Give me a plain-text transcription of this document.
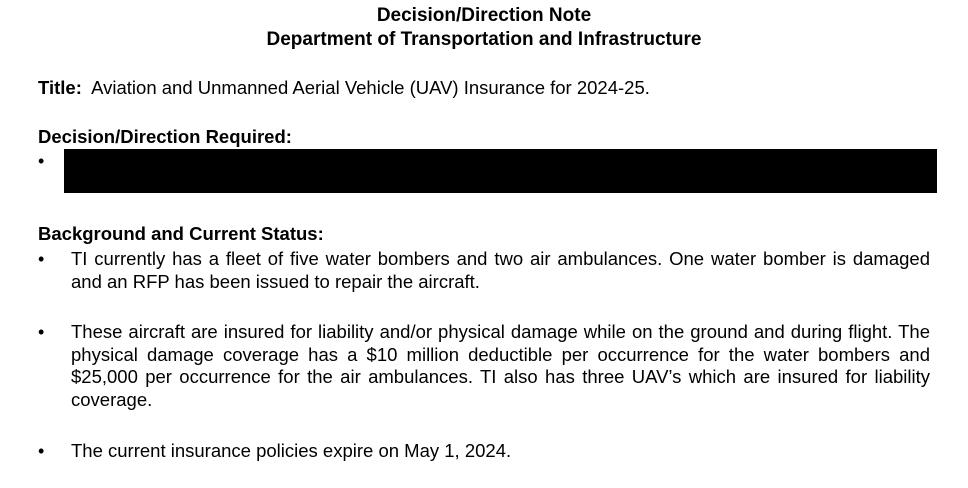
Decision/Direction Note
Department of Transportation and Infrastructure
Title: Aviation and Unmanned Aerial Vehicle (UAV) Insurance for 2024-25.
Decision/Direction Required:
•
Background and Current Status:
• TI currently has a fleet of five water bombers and two air ambulances. One water bomber is damaged and an RFP has been issued to repair the aircraft.
• These aircraft are insured for liability and/or physical damage while on the ground and during flight. The physical damage coverage has a $10 million deductible per occurrence for the water bombers and $25,000 per occurrence for the air ambulances. TI also has three UAV’s which are insured for liability coverage.
• The current insurance policies expire on May 1, 2024.
